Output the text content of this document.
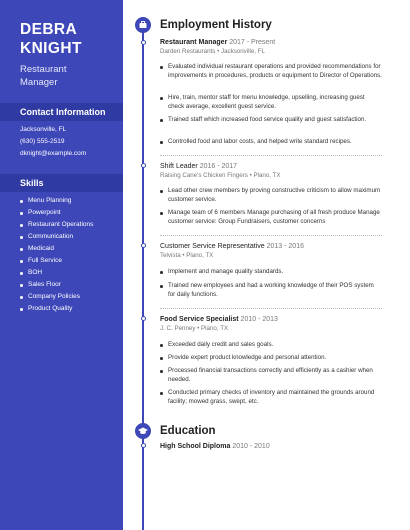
DEBRA
KNIGHT
Restaurant
Manager
Contact Information
Jacksonville, FL
(630) 555-2519
dknight@example.com
Skills
Menu Planning
Powerpoint
Restaurant Operations
Communication
Medicaid
Full Service
BOH
Sales Floor
Company Policies
Product Quality
Employment History
Restaurant Manager 2017 - Present
Darden Restaurants • Jacksonville, FL
Evaluated individual restaurant operations and provided recommendations for improvements in procedures, products or equipment to Director of Operations.
Hire, train, mentor staff for menu knowledge, upselling, increasing guest check average, excellent guest service.
Trained staff which increased food service quality and guest satisfaction.
Controlled food and labor costs, and helped write standard recipes.
Shift Leader 2016 - 2017
Raising Cane's Chicken Fingers • Plano, TX
Lead other crew members by proving constructive criticism to allow maximum customer service.
Manage team of 6 members Manage purchasing of all fresh produce Manage customer service: Group Fundraisers, customer concerns
Customer Service Representative 2013 - 2016
Telvista • Plano, TX
Implement and manage quality standards.
Trained new employees and had a working knowledge of their POS system for daily functions.
Food Service Specialist 2010 - 2013
J. C. Penney • Plano, TX
Exceeded daily credit and sales goals.
Provide expert product knowledge and personal attention.
Processed financial transactions correctly and efficiently as a cashier when needed.
Conducted primary checks of inventory and maintained the grounds around facility; mowed grass, swept, etc.
Education
High School Diploma 2010 - 2010
